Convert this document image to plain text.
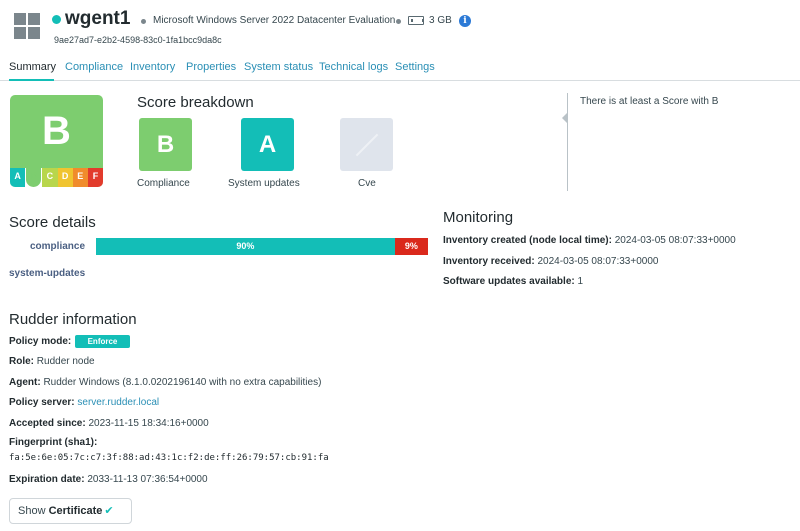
wgent1 Microsoft Windows Server 2022 Datacenter Evaluation	3 GB	i
9ae27ad7-e2b2-4598-83c0-1fa1bcc9da8c
Summary Compliance Inventory Properties System status Technical logs Settings
B
A	B	C D E	F
Score breakdown
B
Compliance
A
System updates	Cve
There is at least a Score with B
Score details
compliance	90%	9%
system-updates
Monitoring
Inventory created (node local time): 2024-03-05 08:07:33+0000
Inventory received: 2024-03-05 08:07:33+0000
Software updates available: 1
Rudder information
Policy mode:	Enforce
Role: Rudder node
Agent: Rudder Windows (8.1.0.0202196140 with no extra capabilities)
Policy server: server.rudder.local
Accepted since: 2023-11-15 18:34:16+0000
Fingerprint (sha1):
fa:5e:6e:05:7c:c7:3f:88:ad:43:1c:f2:de:ff:26:79:57:cb:91:fa
Expiration date: 2033-11-13 07:36:54+0000
Show Certificate ✔
